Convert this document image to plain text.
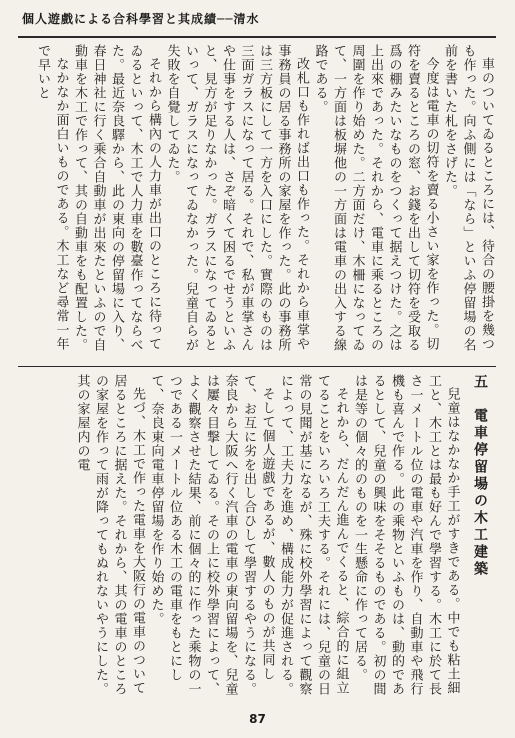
個人遊戲による合科學習と其成績──清水

車のついてゐるところには、待合の腰掛を幾つも作った。向ふ側には「なら」といふ停留場の名前を書いた札をさげた。

今度は電車の切符を賣る小さい家を作った。切符を賣るところの窓、お錢を出して切符を受取る爲の棚みたいなものをつくって据えつけた。之は上出來であった。それから、電車に乘るところの周圍を作り始めた。二方面だけ、木柵になってゐて、一方面は板塀他の一方面は電車の出入する線路である。

改札口も作れば出口も作った。それから車掌や事務員の居る事務所の家屋を作った。此の事務所は三方板にして一方を入口にした。實際のものは三面ガラスになって居る。それで、私が車掌さんや仕事をする人は、さぞ暗くて困るでせうといふと、見方が足りなかった。ガラスになってゐるといって、ガラスになってゐなかった。兒童自らが失敗を自覺してゐた。

それから構內の人力車が出口のところに待ってゐるといって、木工で人力車を數臺作ってならべた。最近奈良驛から、此の東向の停留場に入り、春日神社に行く乘合自動車が出來たといふので自動車を木工で作って、其の自動車をも配置した。

なかなか面白いものである。木工など尋常一年で早いと

五　電車停留場の木工建築

兒童はなかなか手工がすきである。中でも粘土細工と、木工とは最も好んで學習する。木工に於て長さ一メートル位の電車や汽車を作り、自動車や飛行機も喜んで作る。此の乘物といふものは、動的であるとして、兒童の興味をそそるものである。初の間は是等の個々的のものを一生懸命に作って居る。

それから、だんだん進んでくると、綜合的に組立てることをいろいろ工夫する。それには、兒童の日常の見聞が基になるが、殊に校外學習によって觀察によって、工夫力を進め、構成能力が促進される。

そして個人遊戲であるが、數人のものが共同して、お互に劣を出し合ひして學習するやうになる。奈良から大阪へ行く汽車の電車の東向留場を、兒童は屢々目撃してゐる。その上に校外學習によって、よく觀察させた結果、前に個々的に作った乘物の一つである一メートル位ある木工の電車をもとにして、奈良東向電車停留場を作り始めた。

先づ、木工で作った電車を大阪行の電車のついて居るところに据えた。それから、其の電車のところの家屋を作って雨が降ってもぬれないやうにした。其の家屋内の電

87
